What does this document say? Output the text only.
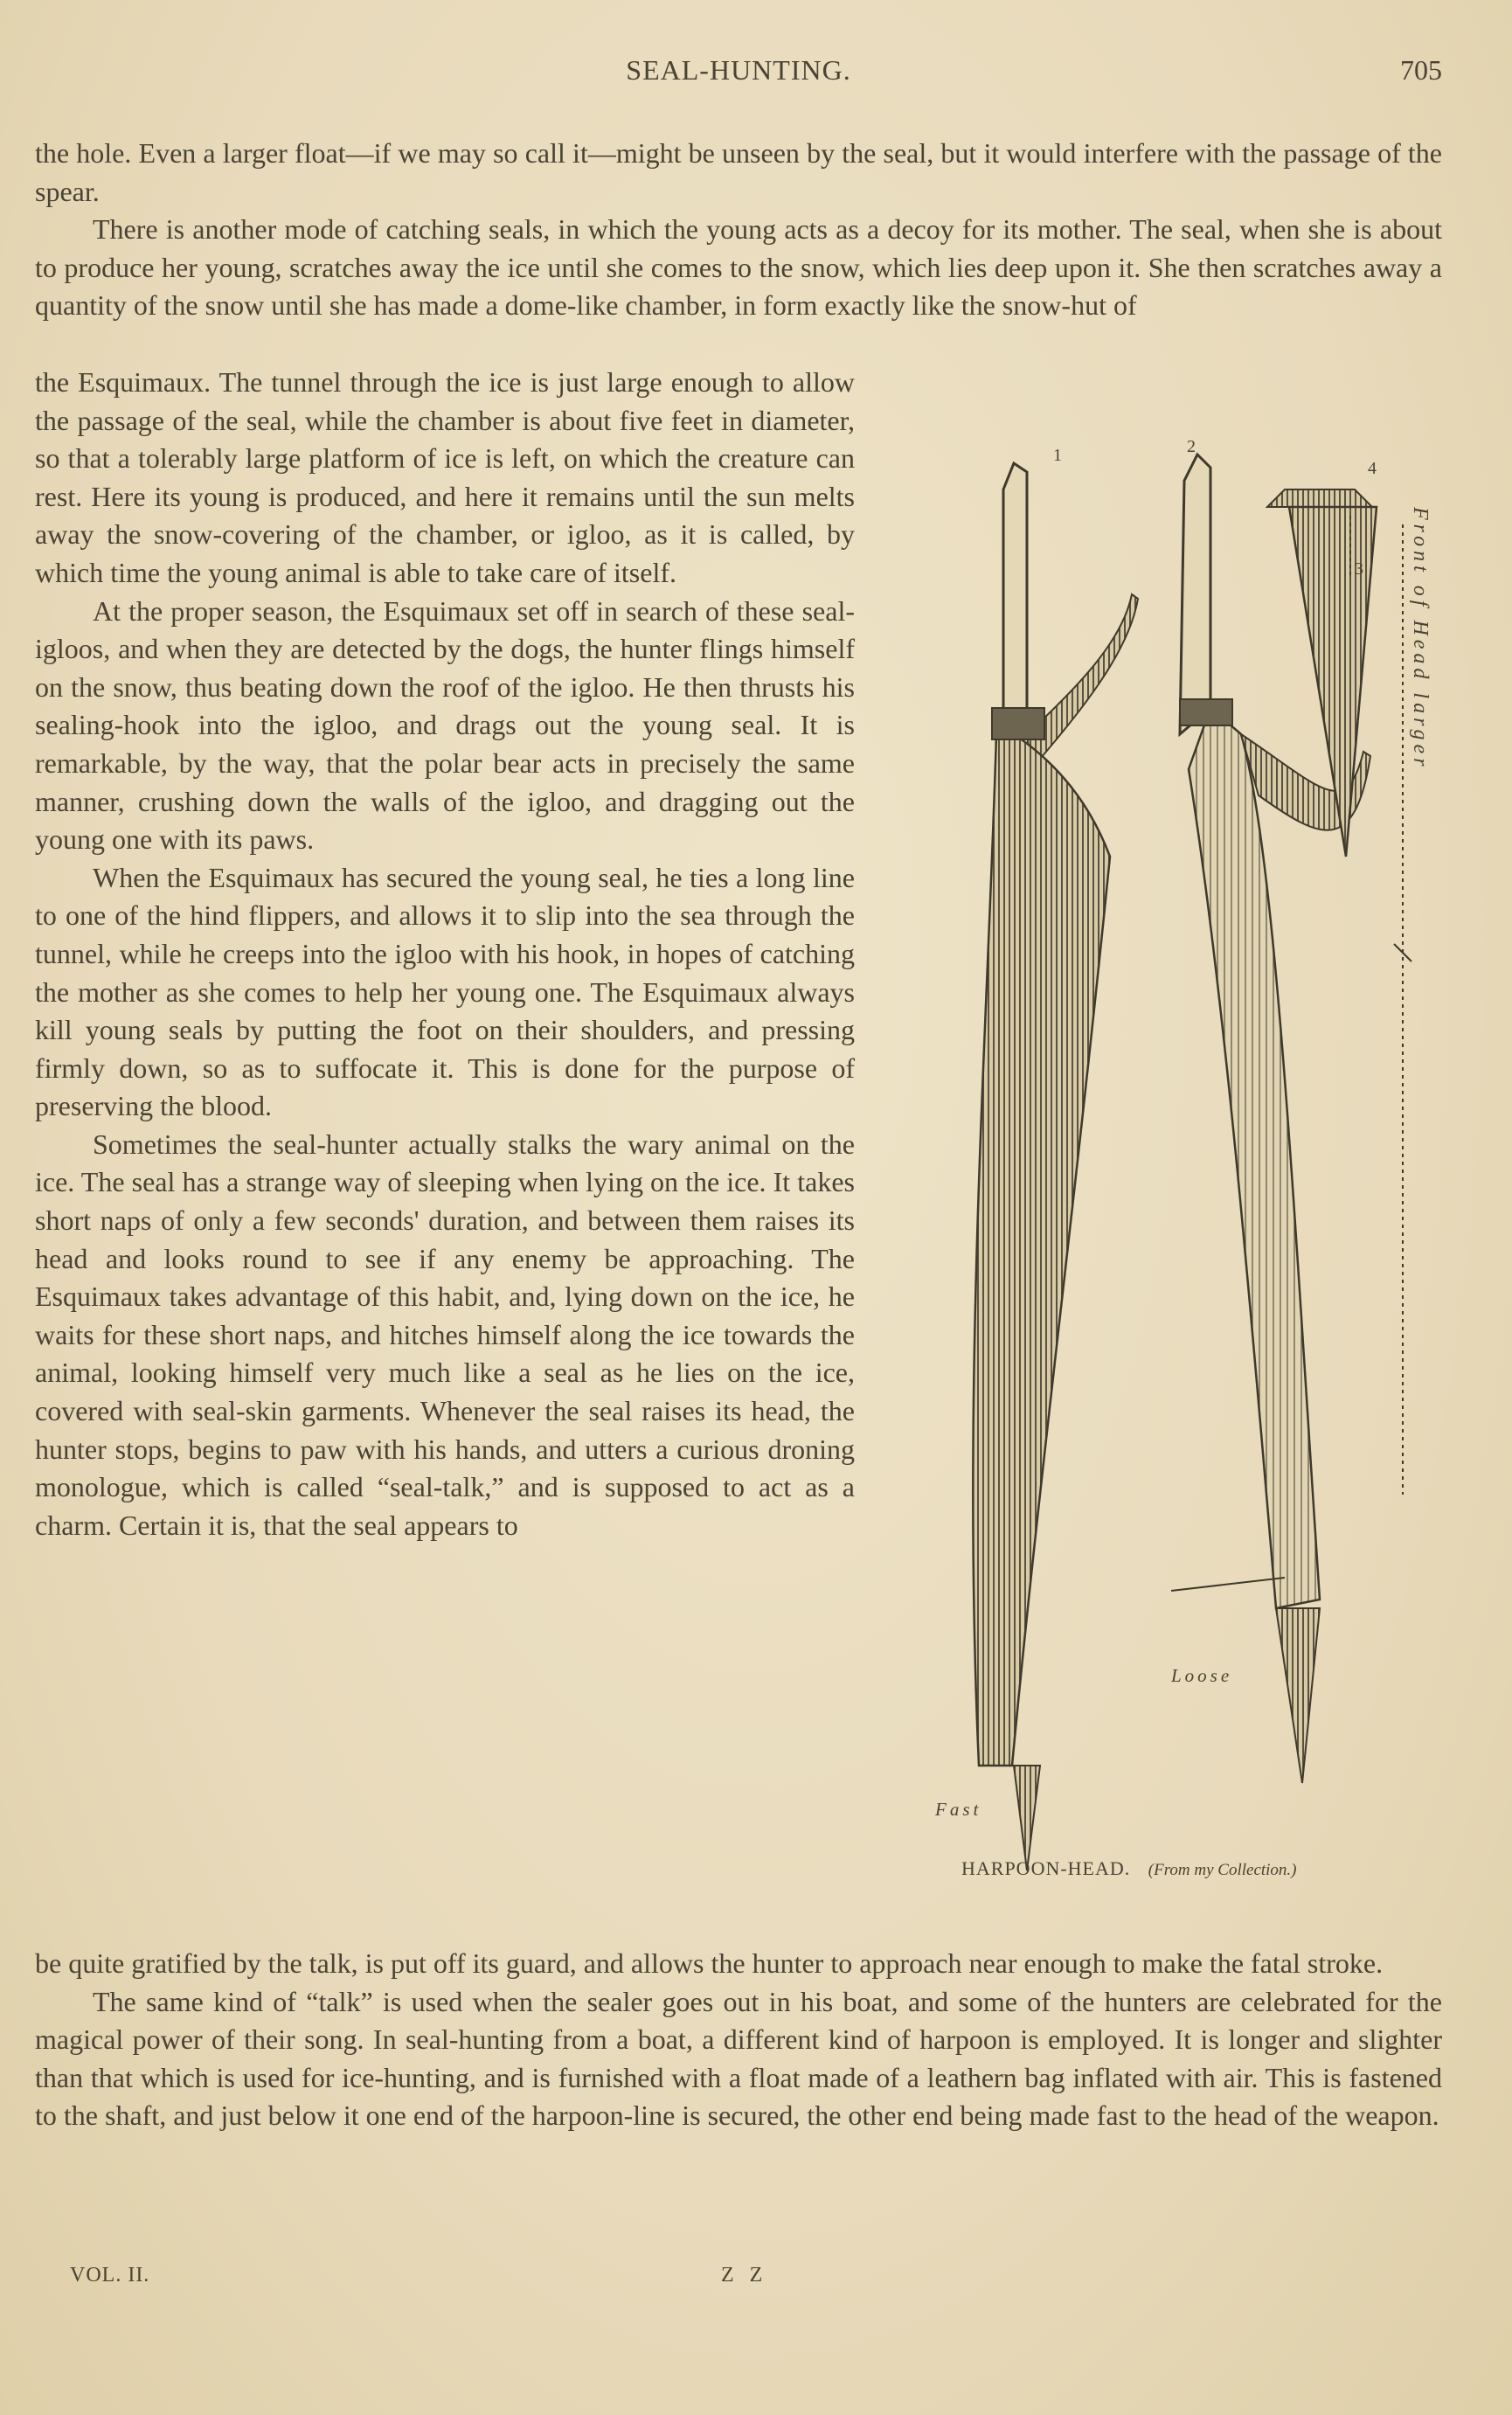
SEAL-HUNTING.	705

the hole. Even a larger float—if we may so call it—might be unseen by the seal, but it would interfere with the passage of the spear.

There is another mode of catching seals, in which the young acts as a decoy for its mother. The seal, when she is about to produce her young, scratches away the ice until she comes to the snow, which lies deep upon it. She then scratches away a quantity of the snow until she has made a dome-like chamber, in form exactly like the snow-hut of

the Esquimaux. The tunnel through the ice is just large enough to allow the passage of the seal, while the chamber is about five feet in diameter, so that a tolerably large platform of ice is left, on which the creature can rest. Here its young is produced, and here it remains until the sun melts away the snow-covering of the chamber, or igloo, as it is called, by which time the young animal is able to take care of itself.

At the proper season, the Esquimaux set off in search of these seal-igloos, and when they are detected by the dogs, the hunter flings himself on the snow, thus beating down the roof of the igloo. He then thrusts his sealing-hook into the igloo, and drags out the young seal. It is remarkable, by the way, that the polar bear acts in precisely the same manner, crushing down the walls of the igloo, and dragging out the young one with its paws.

When the Esquimaux has secured the young seal, he ties a long line to one of the hind flippers, and allows it to slip into the sea through the tunnel, while he creeps into the igloo with his hook, in hopes of catching the mother as she comes to help her young one. The Esquimaux always kill young seals by putting the foot on their shoulders, and pressing firmly down, so as to suffocate it. This is done for the purpose of preserving the blood.

Sometimes the seal-hunter actually stalks the wary animal on the ice. The seal has a strange way of sleeping when lying on the ice. It takes short naps of only a few seconds' duration, and between them raises its head and looks round to see if any enemy be approaching. The Esquimaux takes advantage of this habit, and, lying down on the ice, he waits for these short naps, and hitches himself along the ice towards the animal, looking himself very much like a seal as he lies on the ice, covered with seal-skin garments. Whenever the seal raises its head, the hunter stops, begins to paw with his hands, and utters a curious droning monologue, which is called “seal-talk,” and is supposed to act as a charm. Certain it is, that the seal appears to

1	2
3
4
Front of Head larger
Loose
Fast
HARPOON-HEAD. (From my Collection.)

be quite gratified by the talk, is put off its guard, and allows the hunter to approach near enough to make the fatal stroke.

The same kind of “talk” is used when the sealer goes out in his boat, and some of the hunters are celebrated for the magical power of their song. In seal-hunting from a boat, a different kind of harpoon is employed. It is longer and slighter than that which is used for ice-hunting, and is furnished with a float made of a leathern bag inflated with air. This is fastened to the shaft, and just below it one end of the harpoon-line is secured, the other end being made fast to the head of the weapon.

VOL. II.	Z Z
